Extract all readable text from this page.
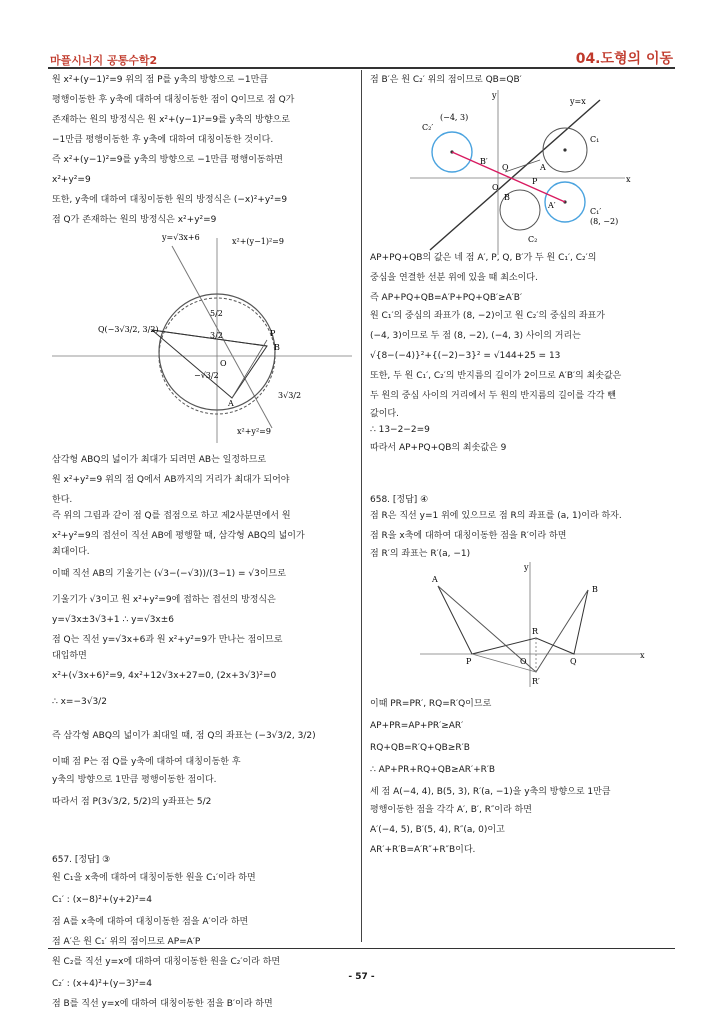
마플시너지 공통수학2	04.도형의 이동
원 x²+(y−1)²=9 위의 점 P를 y축의 방향으로 −1만큼
평행이동한 후 y축에 대하여 대칭이동한 점이 Q이므로 점 Q가
존재하는 원의 방정식은 원 x²+(y−1)²=9를 y축의 방향으로
−1만큼 평행이동한 후 y축에 대하여 대칭이동한 것이다.
즉 x²+(y−1)²=9를 y축의 방향으로 −1만큼 평행이동하면
x²+y²=9
또한, y축에 대하여 대칭이동한 원의 방정식은 (−x)²+y²=9
점 Q가 존재하는 원의 방정식은 x²+y²=9
y=√3x+6	x²+(y−1)²=9
Q(−3√3/2, 3/2)	P
B
A
O
5/2
3/2
−√3/2
3√3/2
x²+y²=9
삼각형 ABQ의 넓이가 최대가 되려면 AB는 일정하므로
원 x²+y²=9 위의 점 Q에서 AB까지의 거리가 최대가 되어야
한다.
즉 위의 그림과 같이 점 Q를 접점으로 하고 제2사분면에서 원
x²+y²=9의 접선이 직선 AB에 평행할 때, 삼각형 ABQ의 넓이가
최대이다.
이때 직선 AB의 기울기는 (√3−(−√3))/(3−1) = √3이므로
기울기가 √3이고 원 x²+y²=9에 접하는 접선의 방정식은
y=√3x±3√3+1 ∴ y=√3x±6
점 Q는 직선 y=√3x+6과 원 x²+y²=9가 만나는 점이므로
대입하면
x²+(√3x+6)²=9, 4x²+12√3x+27=0, (2x+3√3)²=0
∴ x=−3√3/2
즉 삼각형 ABQ의 넓이가 최대일 때, 점 Q의 좌표는 (−3√3/2, 3/2)
이때 점 P는 점 Q를 y축에 대하여 대칭이동한 후
y축의 방향으로 1만큼 평행이동한 점이다.
따라서 점 P(3√3/2, 5/2)의 y좌표는 5/2
657. [정답] ③
원 C₁을 x축에 대하여 대칭이동한 원을 C₁′이라 하면
C₁′ : (x−8)²+(y+2)²=4
점 A를 x축에 대하여 대칭이동한 점을 A′이라 하면
점 A′은 원 C₁′ 위의 점이므로 AP=A′P
원 C₂를 직선 y=x에 대하여 대칭이동한 원을 C₂′이라 하면
C₂′ : (x+4)²+(y−3)²=4
점 B를 직선 y=x에 대하여 대칭이동한 점을 B′이라 하면
점 B′은 원 C₂′ 위의 점이므로 QB=QB′
y=x
x
y
C₂′
(−4, 3)
C₁
B
B′
Q
P
A
A′
O
C₁′
(8, −2)
C₂
AP+PQ+QB의 값은 네 점 A′, P, Q, B′가 두 원 C₁′, C₂′의
중심을 연결한 선분 위에 있을 때 최소이다.
즉 AP+PQ+QB=A′P+PQ+QB′≥A′B′
원 C₁′의 중심의 좌표가 (8, −2)이고 원 C₂′의 중심의 좌표가
(−4, 3)이므로 두 점 (8, −2), (−4, 3) 사이의 거리는
√{8−(−4)}²+{(−2)−3}² = √144+25 = 13
또한, 두 원 C₁′, C₂′의 반지름의 길이가 2이므로 A′B′의 최솟값은
두 원의 중심 사이의 거리에서 두 원의 반지름의 길이를 각각 뺀
값이다.
∴ 13−2−2=9
따라서 AP+PQ+QB의 최솟값은 9
658. [정답] ④
점 R은 직선 y=1 위에 있으므로 점 R의 좌표를 (a, 1)이라 하자.
점 R을 x축에 대하여 대칭이동한 점을 R′이라 하면
점 R′의 좌표는 R′(a, −1)
x
y
A
B
P	O
R
R′
Q
이때 PR=PR′, RQ=R′Q이므로
AP+PR=AP+PR′≥AR′
RQ+QB=R′Q+QB≥R′B
∴ AP+PR+RQ+QB≥AR′+R′B
세 점 A(−4, 4), B(5, 3), R′(a, −1)을 y축의 방향으로 1만큼
평행이동한 점을 각각 A′, B′, R″이라 하면
A′(−4, 5), B′(5, 4), R″(a, 0)이고
AR′+R′B=A′R″+R″B이다.
- 57 -
